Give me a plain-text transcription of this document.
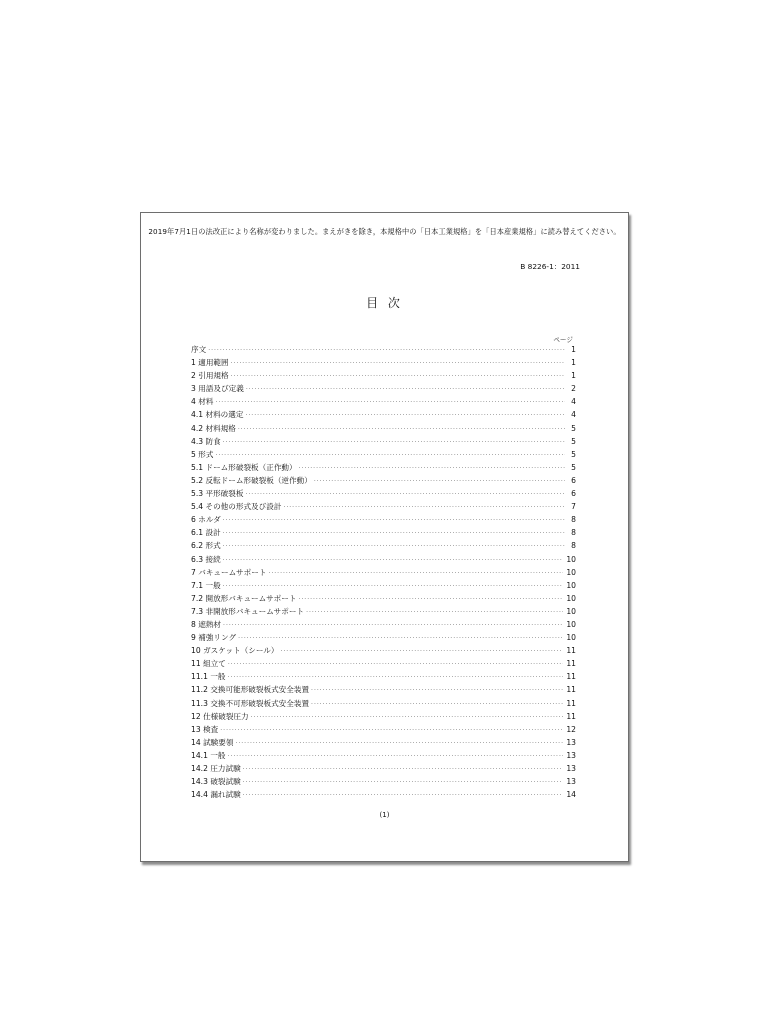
2019年7月1日の法改正により名称が変わりました。まえがきを除き，本規格中の「日本工業規格」を「日本産業規格」に読み替えてください。
B 8226-1：2011
目 次
ページ
序文 ·····	1
1 適用範囲 ·····	1
2 引用規格 ·····	1
3 用語及び定義 ·····	2
4 材料 ·····	4
4.1 材料の選定 ·····	4
4.2 材料規格 ·····	5
4.3 防食 ·····	5
5 形式 ·····	5
5.1 ドーム形破裂板（正作動） ·····	5
5.2 反転ドーム形破裂板（逆作動） ·····	6
5.3 平形破裂板 ·····	6
5.4 その他の形式及び設計 ·····	7
6 ホルダ ·····	8
6.1 設計 ·····	8
6.2 形式 ·····	8
6.3 接続 ·····	10
7 バキュームサポート ·····	10
7.1 一般 ·····	10
7.2 開放形バキュームサポート ·····	10
7.3 非開放形バキュームサポート ·····	10
8 遮熱材 ·····	10
9 補強リング ·····	10
10 ガスケット（シール） ·····	11
11 組立て ·····	11
11.1 一般 ·····	11
11.2 交換可能形破裂板式安全装置 ·····	11
11.3 交換不可形破裂板式安全装置 ·····	11
12 仕様破裂圧力 ·····	11
13 検査 ·····	12
14 試験要領 ·····	13
14.1 一般 ·····	13
14.2 圧力試験 ·····	13
14.3 破裂試験 ·····	13
14.4 漏れ試験 ·····	14
(1)
